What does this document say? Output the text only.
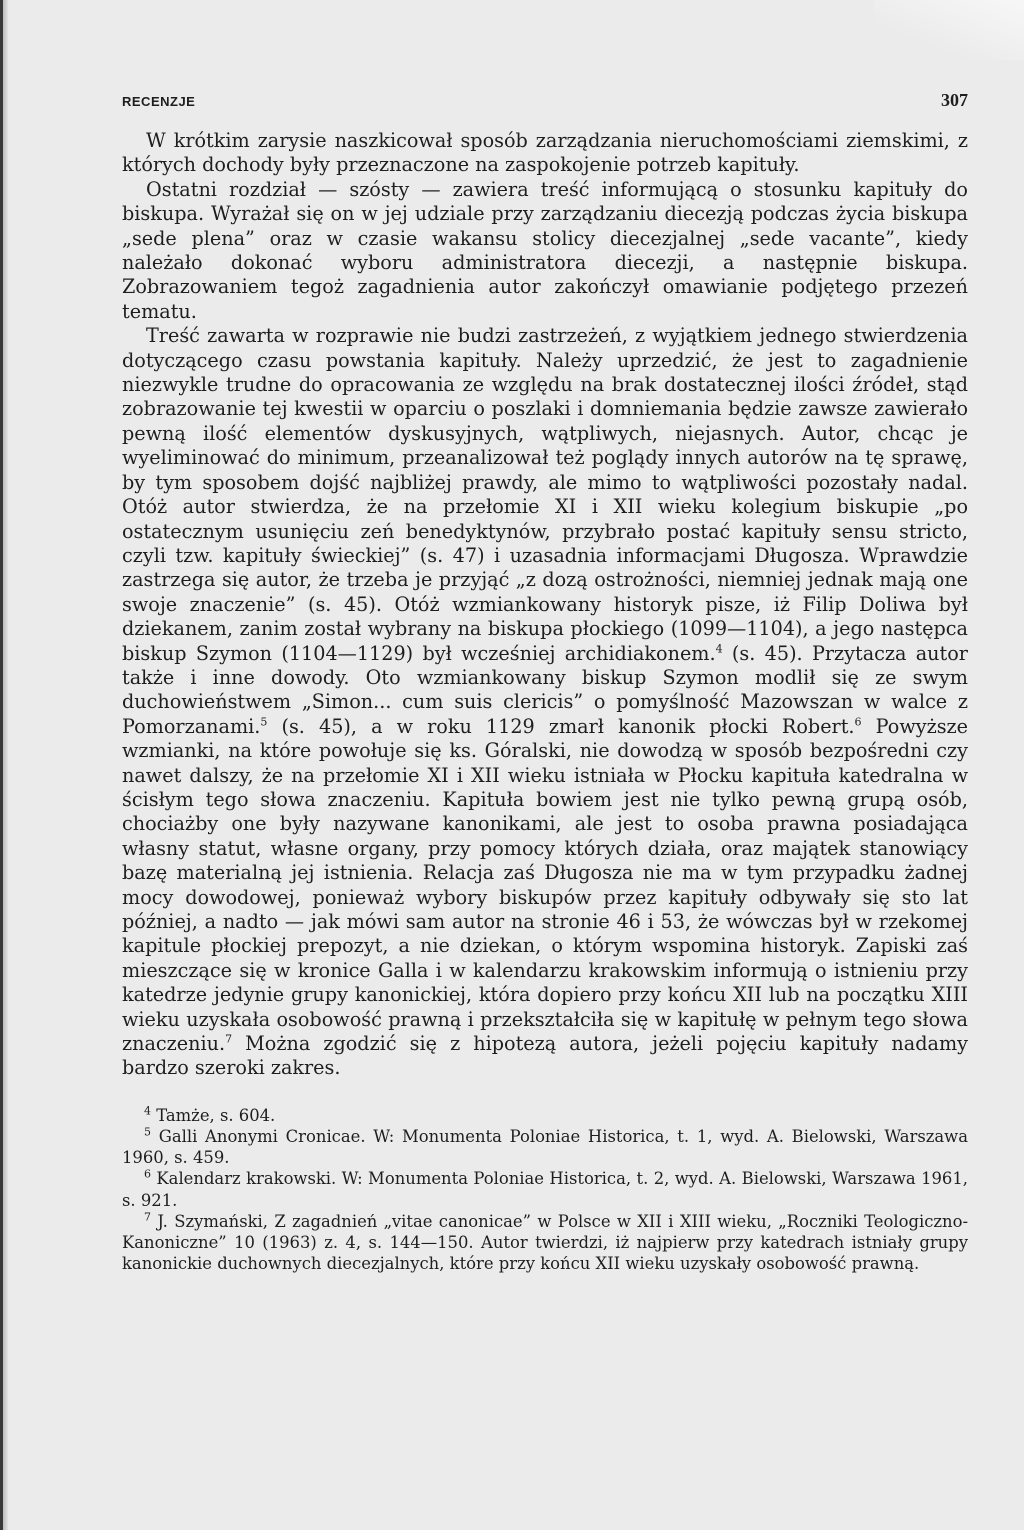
RECENZJE	307

W krótkim zarysie naszkicował sposób zarządzania nieruchomościami ziemskimi, z których dochody były przeznaczone na zaspokojenie potrzeb kapituły.

Ostatni rozdział — szósty — zawiera treść informującą o stosunku kapituły do biskupa. Wyrażał się on w jej udziale przy zarządzaniu diecezją podczas życia biskupa „sede plena” oraz w czasie wakansu stolicy diecezjalnej „sede vacante”, kiedy należało dokonać wyboru administratora diecezji, a następnie biskupa. Zobrazowaniem tegoż zagadnienia autor zakończył omawianie podjętego przezeń tematu.

Treść zawarta w rozprawie nie budzi zastrzeżeń, z wyjątkiem jednego stwierdzenia dotyczącego czasu powstania kapituły. Należy uprzedzić, że jest to zagadnienie niezwykle trudne do opracowania ze względu na brak dostatecznej ilości źródeł, stąd zobrazowanie tej kwestii w oparciu o poszlaki i domniemania będzie zawsze zawierało pewną ilość elementów dyskusyjnych, wątpliwych, niejasnych. Autor, chcąc je wyeliminować do minimum, przeanalizował też poglądy innych autorów na tę sprawę, by tym sposobem dojść najbliżej prawdy, ale mimo to wątpliwości pozostały nadal. Otóż autor stwierdza, że na przełomie XI i XII wieku kolegium biskupie „po ostatecznym usunięciu zeń benedyktynów, przybrało postać kapituły sensu stricto, czyli tzw. kapituły świeckiej” (s. 47) i uzasadnia informacjami Długosza. Wprawdzie zastrzega się autor, że trzeba je przyjąć „z dozą ostrożności, niemniej jednak mają one swoje znaczenie” (s. 45). Otóż wzmiankowany historyk pisze, iż Filip Doliwa był dziekanem, zanim został wybrany na biskupa płockiego (1099—1104), a jego następca biskup Szymon (1104—1129) był wcześniej archidiakonem.$^4$ (s. 45). Przytacza autor także i inne dowody. Oto wzmiankowany biskup Szymon modlił się ze swym duchowieństwem „Simon... cum suis clericis” o pomyślność Mazowszan w walce z Pomorzanami.$^5$ (s. 45), a w roku 1129 zmarł kanonik płocki Robert.$^6$ Powyższe wzmianki, na które powołuje się ks. Góralski, nie dowodzą w sposób bezpośredni czy nawet dalszy, że na przełomie XI i XII wieku istniała w Płocku kapituła katedralna w ścisłym tego słowa znaczeniu. Kapituła bowiem jest nie tylko pewną grupą osób, chociażby one były nazywane kanonikami, ale jest to osoba prawna posiadająca własny statut, własne organy, przy pomocy których działa, oraz majątek stanowiący bazę materialną jej istnienia. Relacja zaś Długosza nie ma w tym przypadku żadnej mocy dowodowej, ponieważ wybory biskupów przez kapituły odbywały się sto lat później, a nadto — jak mówi sam autor na stronie 46 i 53, że wówczas był w rzekomej kapitule płockiej prepozyt, a nie dziekan, o którym wspomina historyk. Zapiski zaś mieszczące się w kronice Galla i w kalendarzu krakowskim informują o istnieniu przy katedrze jedynie grupy kanonickiej, która dopiero przy końcu XII lub na początku XIII wieku uzyskała osobowość prawną i przekształciła się w kapitułę w pełnym tego słowa znaczeniu.$^7$ Można zgodzić się z hipotezą autora, jeżeli pojęciu kapituły nadamy bardzo szeroki zakres.

$^4$ Tamże, s. 604.

$^5$ Galli Anonymi Cronicae. W: Monumenta Poloniae Historica, t. 1, wyd. A. Bielowski, Warszawa 1960, s. 459.

$^6$ Kalendarz krakowski. W: Monumenta Poloniae Historica, t. 2, wyd. A. Bielowski, Warszawa 1961, s. 921.

$^7$ J. Szymański, Z zagadnień „vitae canonicae” w Polsce w XII i XIII wieku, „Roczniki Teologiczno-Kanoniczne” 10 (1963) z. 4, s. 144—150. Autor twierdzi, iż najpierw przy katedrach istniały grupy kanonickie duchownych diecezjalnych, które przy końcu XII wieku uzyskały osobowość prawną.
